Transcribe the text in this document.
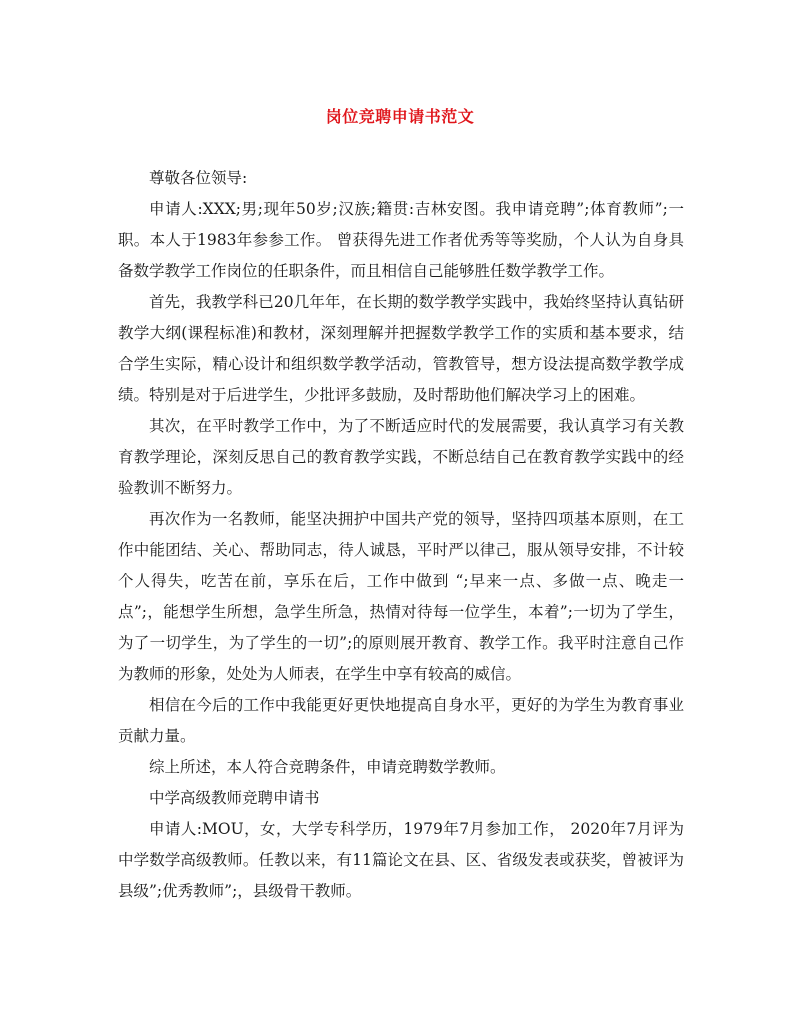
岗位竞聘申请书范文

尊敬各位领导:

申请人:XXX;男;现年50岁;汉族;籍贯:吉林安图。我申请竞聘”;体育教师”;一职。本人于1983年参参工作。 曾获得先进工作者优秀等等奖励，个人认为自身具备数学教学工作岗位的任职条件，而且相信自己能够胜任数学教学工作。

首先，我教学科已20几年年，在长期的数学教学实践中，我始终坚持认真钻研教学大纲(课程标准)和教材，深刻理解并把握数学教学工作的实质和基本要求，结合学生实际，精心设计和组织数学教学活动，管教管导，想方设法提高数学教学成绩。特别是对于后进学生，少批评多鼓励，及时帮助他们解决学习上的困难。

其次，在平时教学工作中，为了不断适应时代的发展需要，我认真学习有关教育教学理论，深刻反思自己的教育教学实践，不断总结自己在教育教学实践中的经验教训不断努力。

再次作为一名教师，能坚决拥护中国共产党的领导，坚持四项基本原则，在工作中能团结、关心、帮助同志，待人诚恳，平时严以律己，服从领导安排，不计较个人得失，吃苦在前，享乐在后，工作中做到 “;早来一点、多做一点、晚走一点”;，能想学生所想，急学生所急，热情对待每一位学生，本着”;一切为了学生，为了一切学生，为了学生的一切”;的原则展开教育、教学工作。我平时注意自己作为教师的形象，处处为人师表，在学生中享有较高的威信。

相信在今后的工作中我能更好更快地提高自身水平，更好的为学生为教育事业贡献力量。

综上所述，本人符合竞聘条件，申请竞聘数学教师。

中学高级教师竞聘申请书

申请人:MOU，女，大学专科学历，1979年7月参加工作， 2020年7月评为中学数学高级教师。任教以来，有11篇论文在县、区、省级发表或获奖，曾被评为县级”;优秀教师”;，县级骨干教师。
